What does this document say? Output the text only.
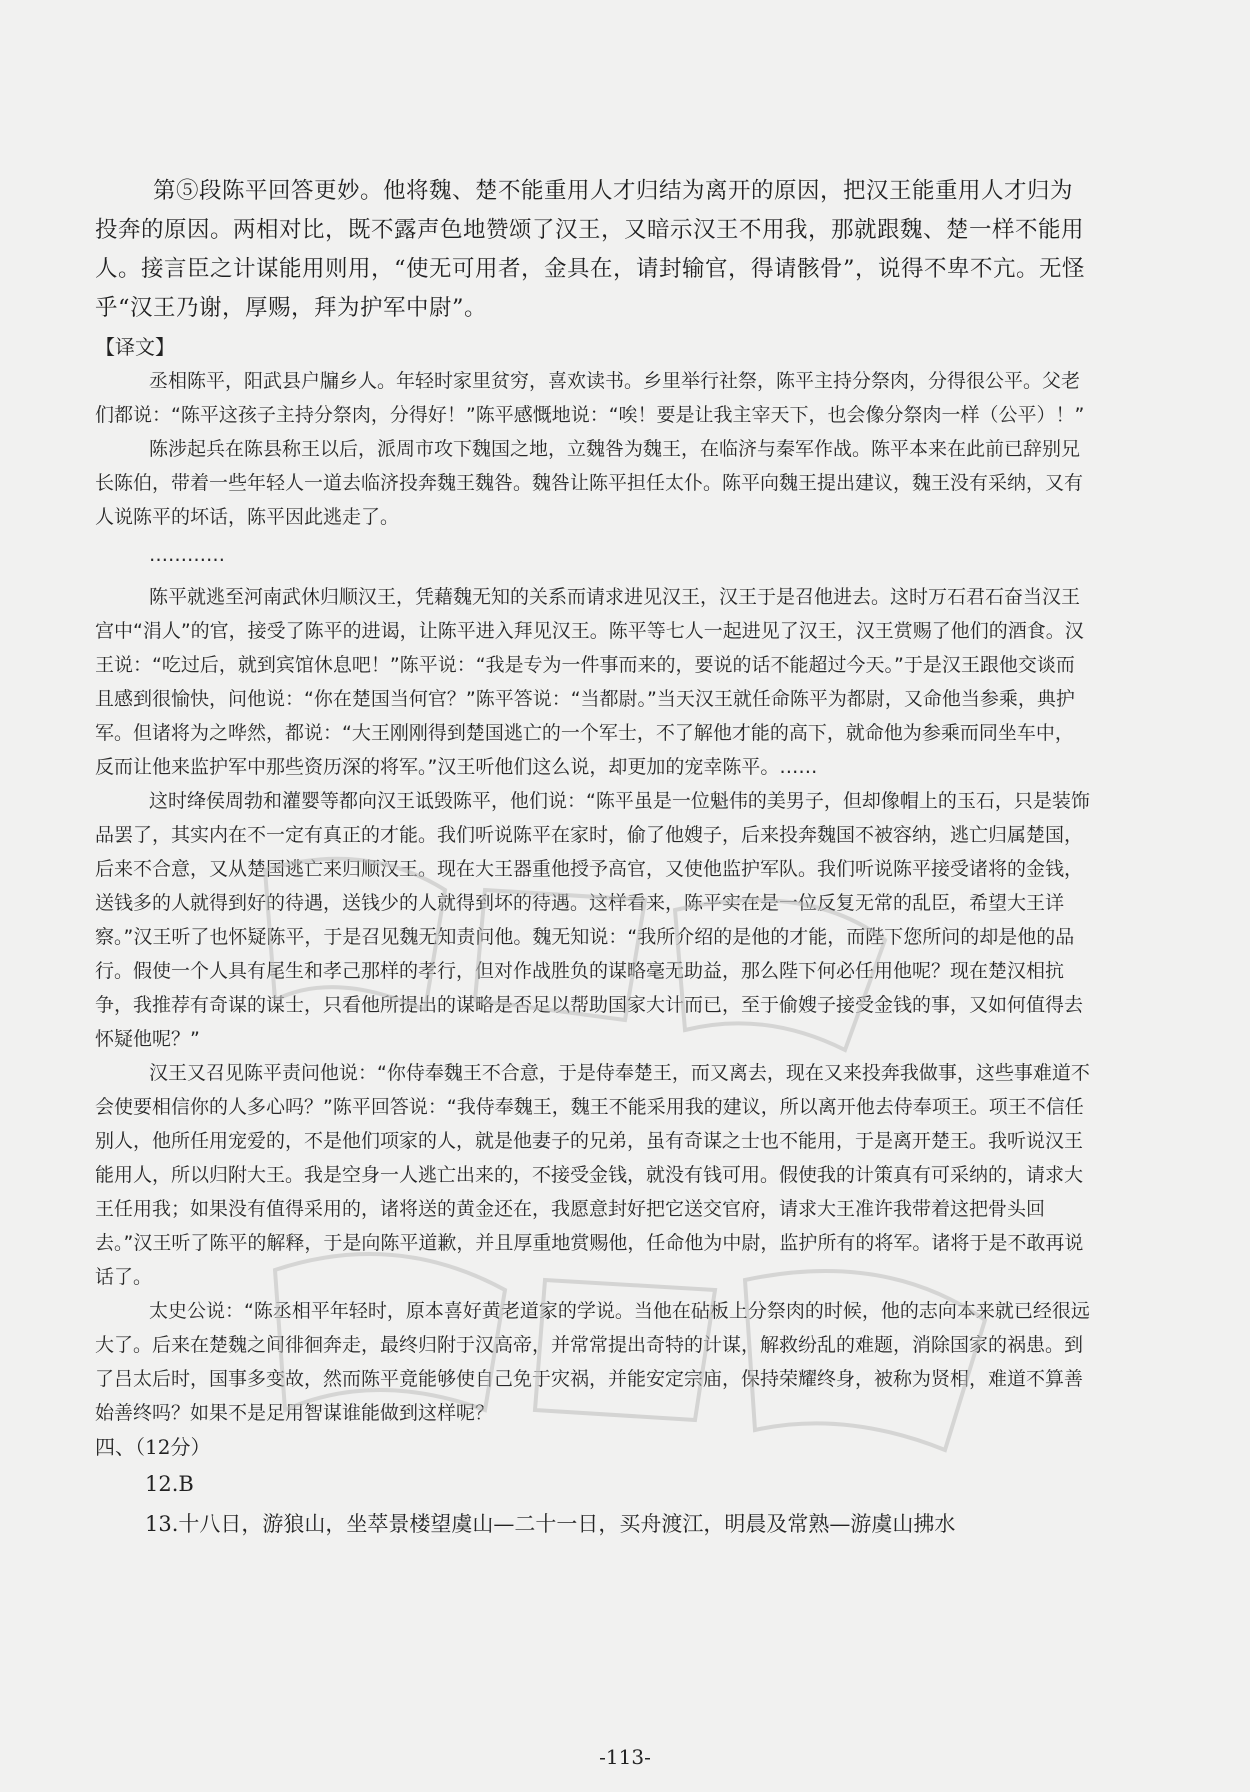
第⑤段陈平回答更妙。他将魏、楚不能重用人才归结为离开的原因，把汉王能重用人才归为投奔的原因。两相对比，既不露声色地赞颂了汉王，又暗示汉王不用我，那就跟魏、楚一样不能用人。接言臣之计谋能用则用，“使无可用者，金具在，请封输官，得请骸骨”，说得不卑不亢。无怪乎“汉王乃谢，厚赐，拜为护军中尉”。

【译文】

丞相陈平，阳武县户牖乡人。年轻时家里贫穷，喜欢读书。乡里举行社祭，陈平主持分祭肉，分得很公平。父老们都说：“陈平这孩子主持分祭肉，分得好！”陈平感慨地说：“唉！要是让我主宰天下，也会像分祭肉一样（公平）！”

陈涉起兵在陈县称王以后，派周市攻下魏国之地，立魏咎为魏王，在临济与秦军作战。陈平本来在此前已辞别兄长陈伯，带着一些年轻人一道去临济投奔魏王魏咎。魏咎让陈平担任太仆。陈平向魏王提出建议，魏王没有采纳，又有人说陈平的坏话，陈平因此逃走了。

…………

陈平就逃至河南武休归顺汉王，凭藉魏无知的关系而请求进见汉王，汉王于是召他进去。这时万石君石奋当汉王宫中“涓人”的官，接受了陈平的进谒，让陈平进入拜见汉王。陈平等七人一起进见了汉王，汉王赏赐了他们的酒食。汉王说：“吃过后，就到宾馆休息吧！”陈平说：“我是专为一件事而来的，要说的话不能超过今天。”于是汉王跟他交谈而且感到很愉快，问他说：“你在楚国当何官？”陈平答说：“当都尉。”当天汉王就任命陈平为都尉，又命他当参乘，典护军。但诸将为之哗然，都说：“大王刚刚得到楚国逃亡的一个军士，不了解他才能的高下，就命他为参乘而同坐车中，反而让他来监护军中那些资历深的将军。”汉王听他们这么说，却更加的宠幸陈平。……

这时绛侯周勃和灌婴等都向汉王诋毁陈平，他们说：“陈平虽是一位魁伟的美男子，但却像帽上的玉石，只是装饰品罢了，其实内在不一定有真正的才能。我们听说陈平在家时，偷了他嫂子，后来投奔魏国不被容纳，逃亡归属楚国，后来不合意，又从楚国逃亡来归顺汉王。现在大王器重他授予高官，又使他监护军队。我们听说陈平接受诸将的金钱，送钱多的人就得到好的待遇，送钱少的人就得到坏的待遇。这样看来，陈平实在是一位反复无常的乱臣，希望大王详察。”汉王听了也怀疑陈平，于是召见魏无知责问他。魏无知说：“我所介绍的是他的才能，而陛下您所问的却是他的品行。假使一个人具有尾生和孝己那样的孝行，但对作战胜负的谋略毫无助益，那么陛下何必任用他呢？现在楚汉相抗争，我推荐有奇谋的谋士，只看他所提出的谋略是否足以帮助国家大计而已，至于偷嫂子接受金钱的事，又如何值得去怀疑他呢？”

汉王又召见陈平责问他说：“你侍奉魏王不合意，于是侍奉楚王，而又离去，现在又来投奔我做事，这些事难道不会使要相信你的人多心吗？”陈平回答说：“我侍奉魏王，魏王不能采用我的建议，所以离开他去侍奉项王。项王不信任别人，他所任用宠爱的，不是他们项家的人，就是他妻子的兄弟，虽有奇谋之士也不能用，于是离开楚王。我听说汉王能用人，所以归附大王。我是空身一人逃亡出来的，不接受金钱，就没有钱可用。假使我的计策真有可采纳的，请求大王任用我；如果没有值得采用的，诸将送的黄金还在，我愿意封好把它送交官府，请求大王准许我带着这把骨头回去。”汉王听了陈平的解释，于是向陈平道歉，并且厚重地赏赐他，任命他为中尉，监护所有的将军。诸将于是不敢再说话了。

太史公说：“陈丞相平年轻时，原本喜好黄老道家的学说。当他在砧板上分祭肉的时候，他的志向本来就已经很远大了。后来在楚魏之间徘徊奔走，最终归附于汉高帝，并常常提出奇特的计谋，解救纷乱的难题，消除国家的祸患。到了吕太后时，国事多变故，然而陈平竟能够使自己免于灾祸，并能安定宗庙，保持荣耀终身，被称为贤相，难道不算善始善终吗？如果不是足用智谋谁能做到这样呢？

四、（12分）

12.B

13.十八日，游狼山，坐萃景楼望虞山—二十一日，买舟渡江，明晨及常熟—游虞山拂水

-113-
